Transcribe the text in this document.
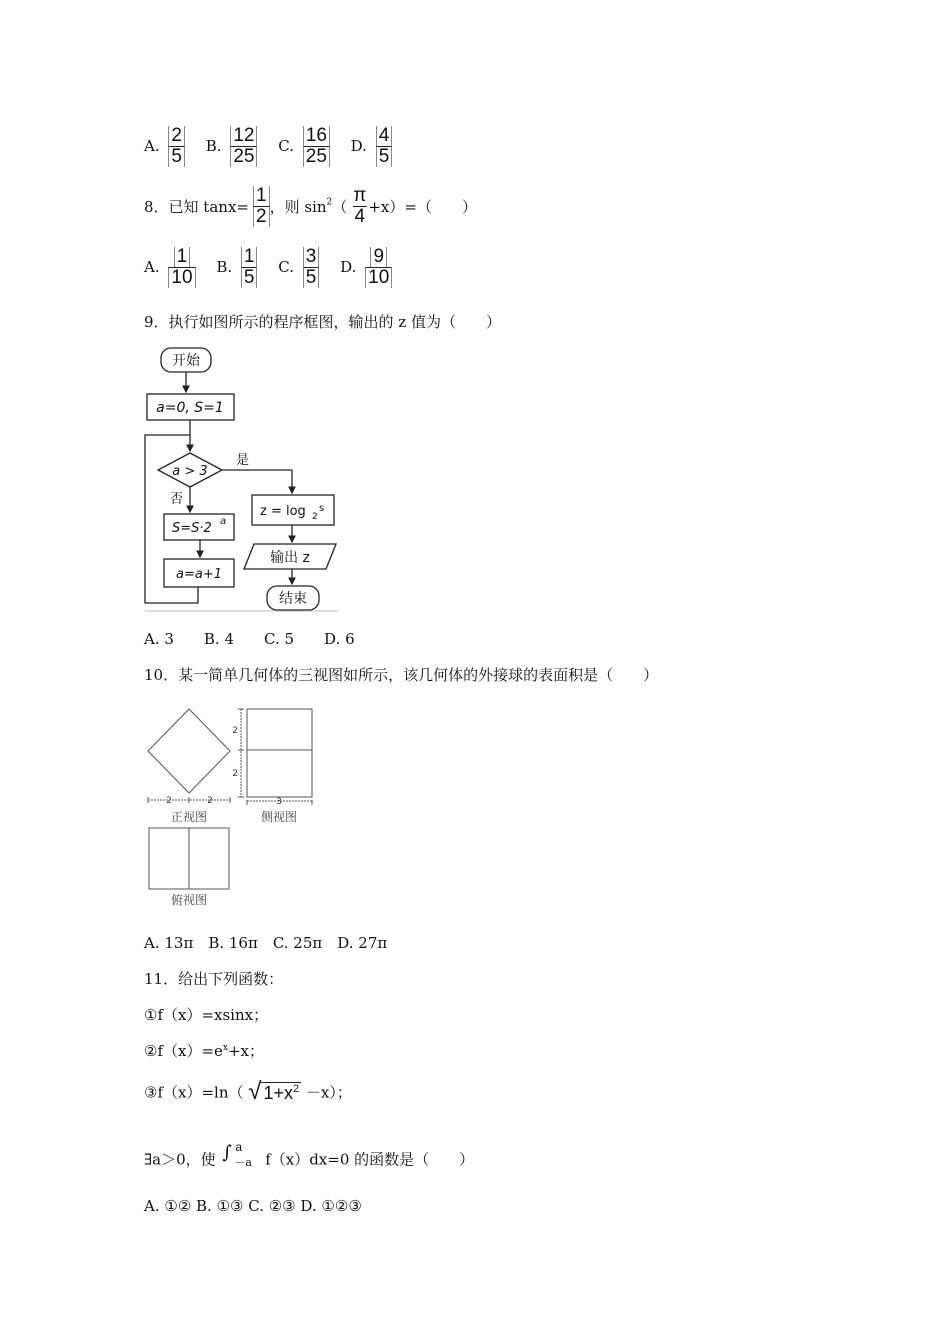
A. $\frac{2}{5} B$. $\frac{12}{25} C$. $\frac{16}{25} D$. $\frac{4}{5}$
8．已知 $\tan x= \frac{1}{2}$ ，则 $\sin^2( \frac{\pi}{4} +x)=$（　　）
A. $\frac{1}{10} B$. $\frac{1}{5} C$. $\frac{3}{5} D$. $\frac{9}{10}$
9．执行如图所示的程序框图，输出的 z 值为（　　）
开始
a=0, S=1
a > 3
是
否
S=S·2 a
a=a+1
z = log 2
s
输出 z
结束
A. 3　　B. 4　　C. 5　　D. 6
10．某一简单几何体的三视图如所示，该几何体的外接球的表面积是（　　）
2	2	3
2
2
正视图	侧视图
俯视图
A. 13π　B. 16π　C. 25π　D. 27π
11．给出下列函数：
①f（x）=xsinx；
$②f(x)=e^x+x$；
③f（x）=ln（ √ $1+x^2 -x$）；
∃a＞0，使 ∫ a
－a f（x）dx=0 的函数是（　　）
A. ①② B. ①③ C. ②③ D. ①②③
